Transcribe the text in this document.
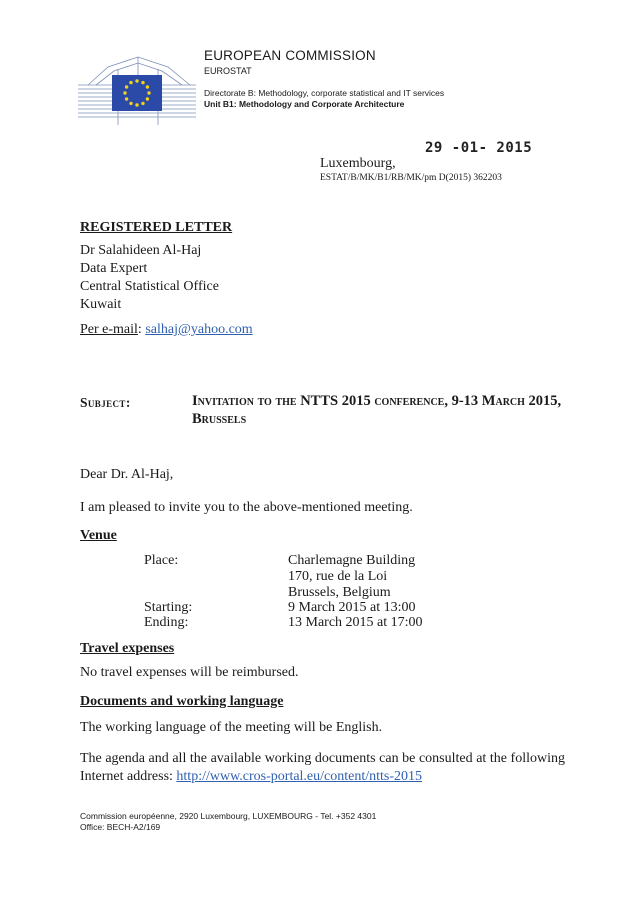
EUROPEAN COMMISSION
EUROSTAT
Directorate B: Methodology, corporate statistical and IT services
Unit B1: Methodology and Corporate Architecture
29 -01- 2015
Luxembourg,
ESTAT/B/MK/B1/RB/MK/pm D(2015) 362203
REGISTERED LETTER
Dr Salahideen Al-Haj
Data Expert
Central Statistical Office
Kuwait
Per e-mail: salhaj@yahoo.com
Subject:	Invitation to the NTTS 2015 conference, 9-13 March 2015, Brussels
Dear Dr. Al-Haj,
I am pleased to invite you to the above-mentioned meeting.
Venue
Place:	Charlemagne Building
170, rue de la Loi
Brussels, Belgium
Starting:	9 March 2015 at 13:00
Ending:	13 March 2015 at 17:00
Travel expenses
No travel expenses will be reimbursed.
Documents and working language
The working language of the meeting will be English.
The agenda and all the available working documents can be consulted at the following Internet address: http://www.cros-portal.eu/content/ntts-2015
Commission européenne, 2920 Luxembourg, LUXEMBOURG - Tel. +352 4301
Office: BECH-A2/169
